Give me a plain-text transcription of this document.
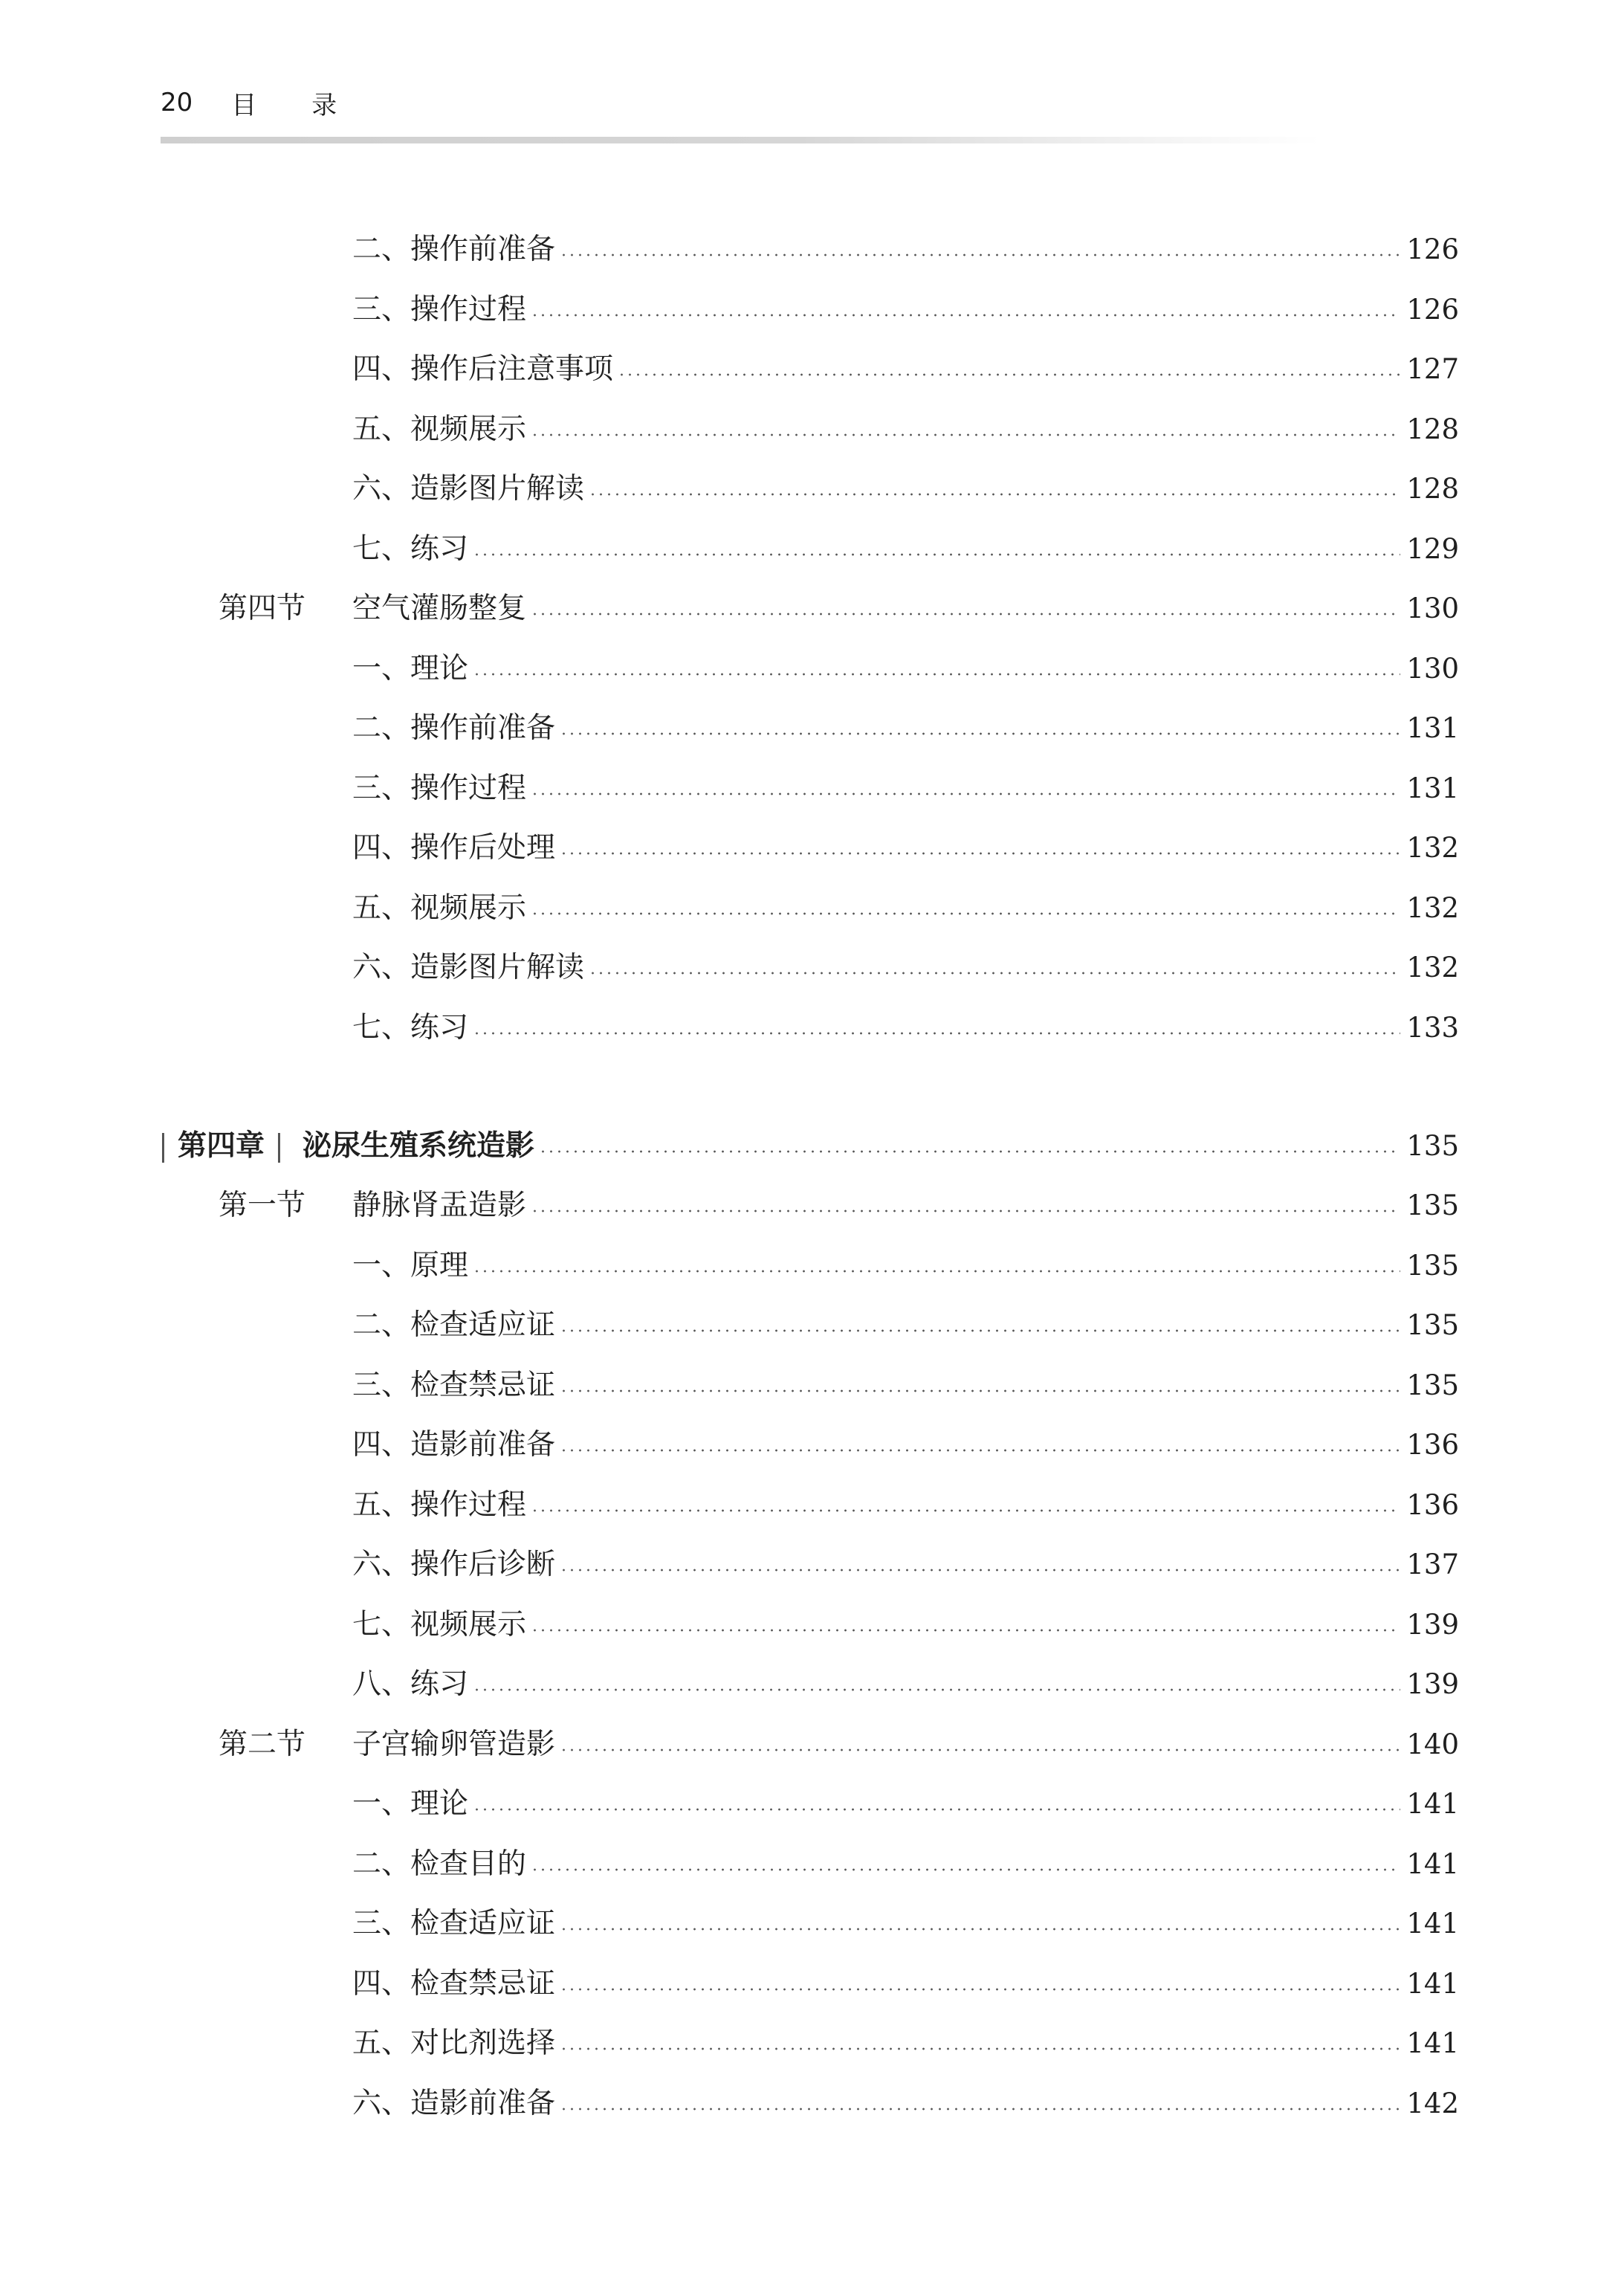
20 目录
二、操作前准备	126
三、操作过程	126
四、操作后注意事项	127
五、视频展示	128
六、造影图片解读	128
七、练习	129
第四节 空气灌肠整复	130
一、理论	130
二、操作前准备	131
三、操作过程	131
四、操作后处理	132
五、视频展示	132
六、造影图片解读	132
七、练习	133
第四章 泌尿生殖系统造影	135
第一节 静脉肾盂造影	135
一、原理	135
二、检查适应证	135
三、检查禁忌证	135
四、造影前准备	136
五、操作过程	136
六、操作后诊断	137
七、视频展示	139
八、练习	139
第二节 子宫输卵管造影	140
一、理论	141
二、检查目的	141
三、检查适应证	141
四、检查禁忌证	141
五、对比剂选择	141
六、造影前准备	142
